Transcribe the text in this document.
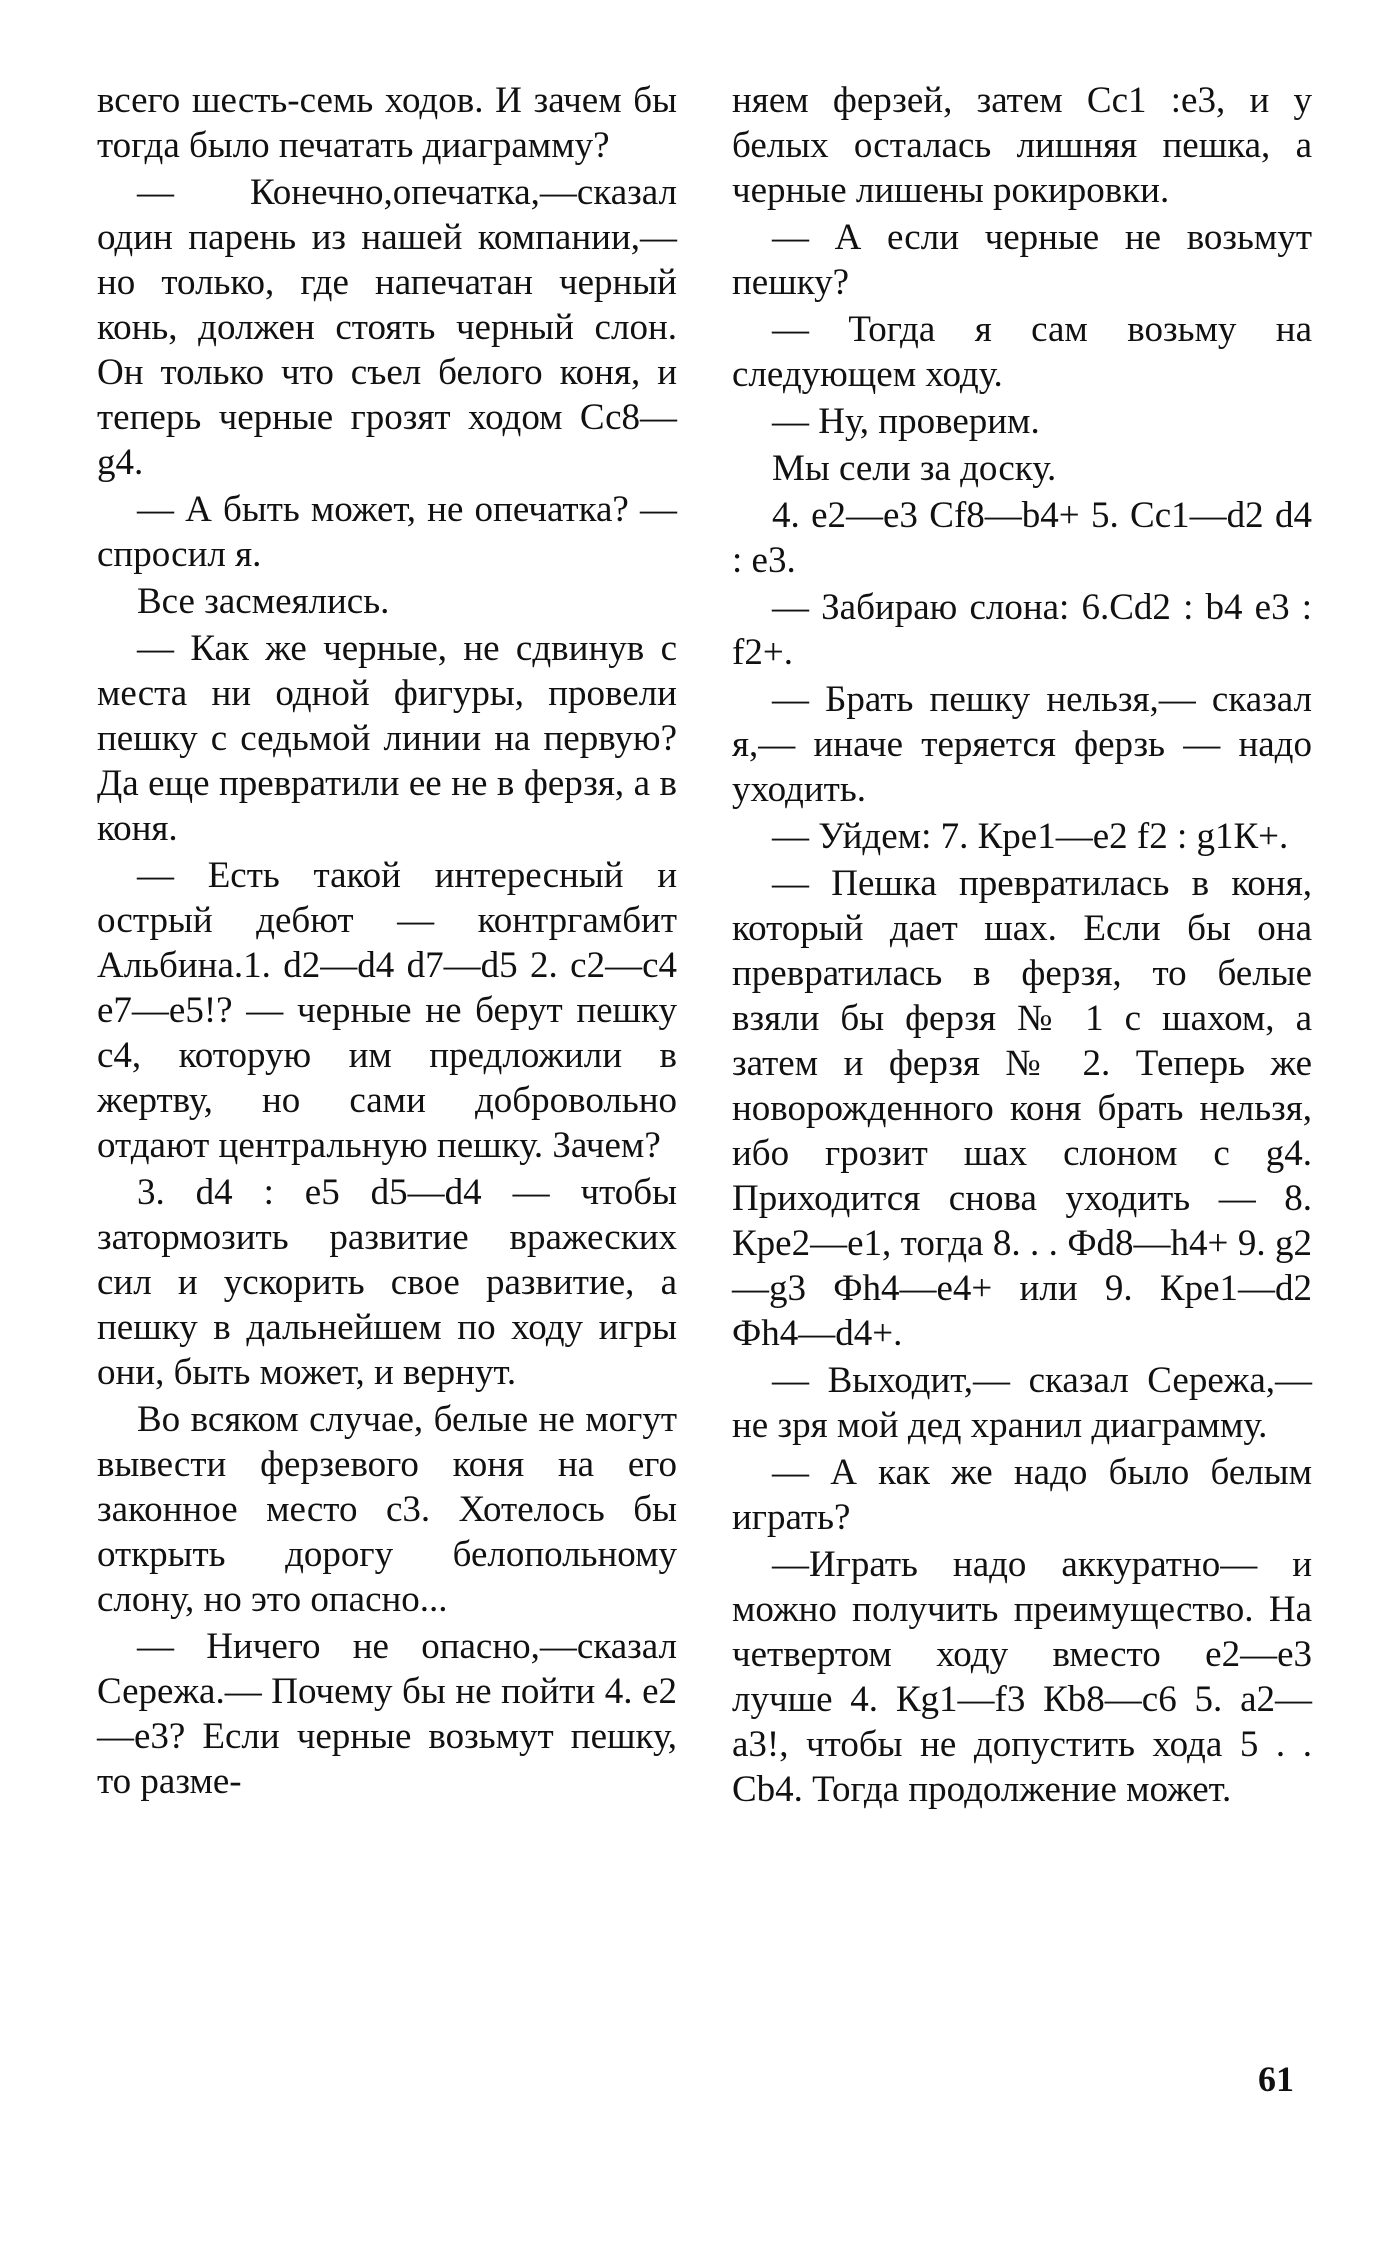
всего шесть-семь ходов. И зачем бы тогда было печатать диаграмму?

— Конечно,опечатка,—сказал один парень из нашей компании,— но только, где напечатан черный конь, должен стоять черный слон. Он только что съел белого коня, и теперь черные грозят ходом Сс8—g4.

— А быть может, не опечатка? — спросил я.

Все засмеялись.

— Как же черные, не сдвинув с места ни одной фигуры, провели пешку с седьмой линии на первую? Да еще превратили ее не в ферзя, а в коня.

— Есть такой интересный и острый дебют — контргамбит Альбина.1. d2—d4 d7—d5 2. c2—c4 e7—e5!? — черные не берут пешку c4, которую им предложили в жертву, но сами добровольно отдают центральную пешку. Зачем?

3. d4 : e5 d5—d4 — чтобы затормозить развитие вражеских сил и ускорить свое развитие, а пешку в дальнейшем по ходу игры они, быть может, и вернут.

Во всяком случае, белые не могут вывести ферзевого коня на его законное место c3. Хотелось бы открыть дорогу белопольному слону, но это опасно...

— Ничего не опасно,—сказал Сережа.— Почему бы не пойти 4. e2—e3? Если черные возьмут пешку, то разме-

няем ферзей, затем Сc1 :e3, и у белых осталась лишняя пешка, а черные лишены рокировки.

— А если черные не возьмут пешку?

— Тогда я сам возьму на следующем ходу.

— Ну, проверим.

Мы сели за доску.

4. e2—e3 Сf8—b4+ 5. Сc1—d2 d4 : e3.

— Забираю слона: 6.Сd2 : b4 e3 : f2+.

— Брать пешку нельзя,— сказал я,— иначе теряется ферзь — надо уходить.

— Уйдем: 7. Крe1—e2 f2 : g1К+.

— Пешка превратилась в коня, который дает шах. Если бы она превратилась в ферзя, то белые взяли бы ферзя № 1 с шахом, а затем и ферзя № 2. Теперь же новорожденного коня брать нельзя, ибо грозит шах слоном с g4. Приходится снова уходить — 8. Крe2—e1, тогда 8. . . Фd8—h4+ 9. g2—g3 Фh4—e4+ или 9. Крe1—d2 Фh4—d4+.

— Выходит,— сказал Сережа,— не зря мой дед хранил диаграмму.

— А как же надо было белым играть?

—Играть надо аккуратно— и можно получить преимущество. На четвертом ходу вместо e2—e3 лучше 4. Кg1—f3 Кb8—c6 5. a2—a3!, чтобы не допустить хода 5 . . Сb4. Тогда продолжение может.

61
